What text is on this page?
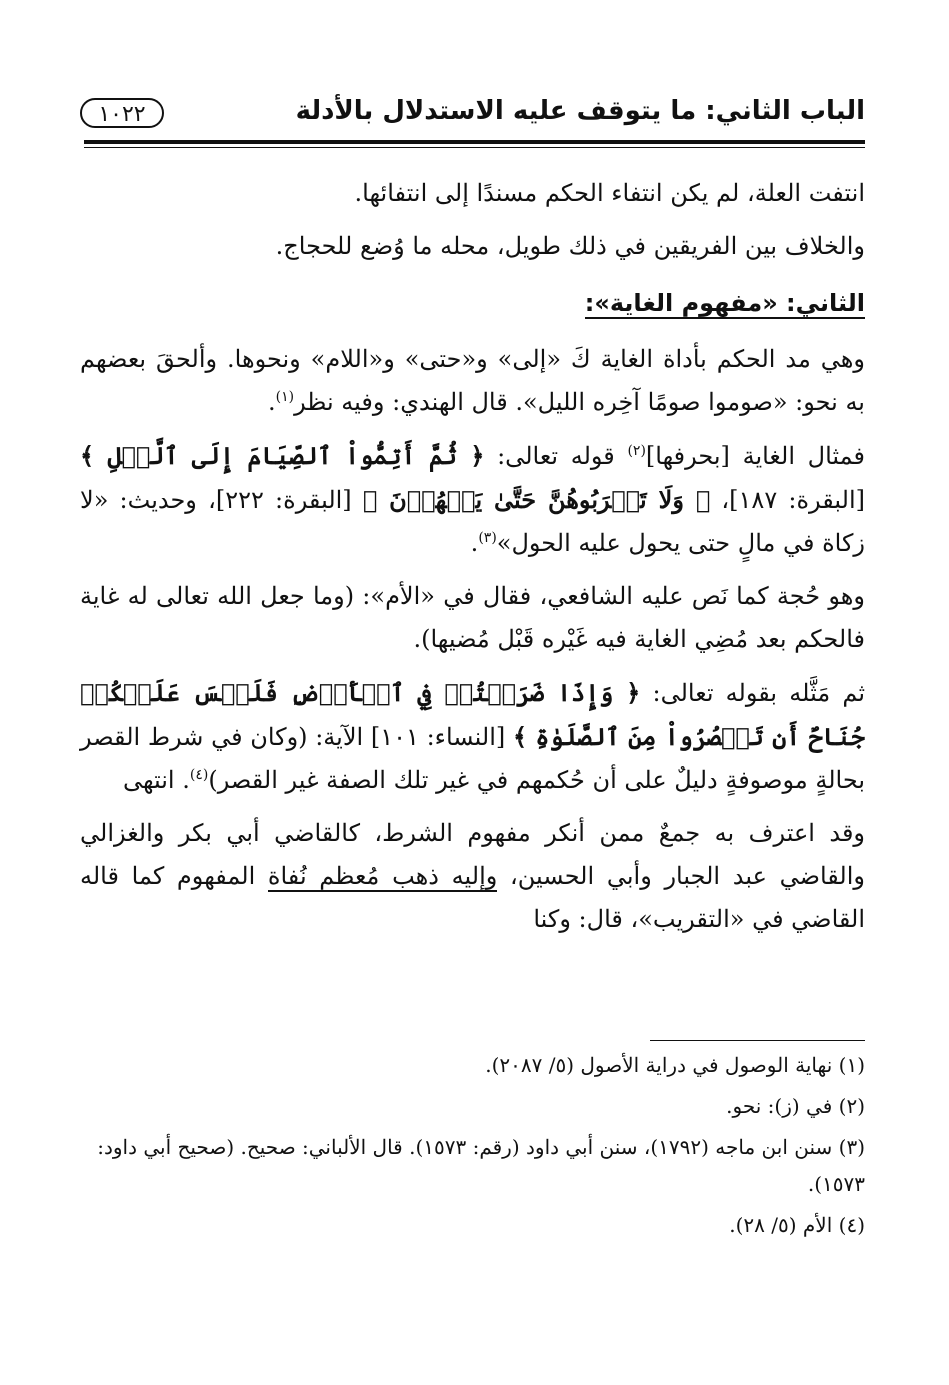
الباب الثاني: ما يتوقف عليه الاستدلال بالأدلة
١٠٢٢

انتفت العلة، لم يكن انتفاء الحكم مسندًا إلى انتفائها.

والخلاف بين الفريقين في ذلك طويل، محله ما وُضع للحجاج.

الثاني: «مفهوم الغاية»:

وهي مد الحكم بأداة الغاية كَ «إلى» و«حتى» و«اللام» ونحوها. وألحقَ بعضهم به نحو: «صوموا صومًا آخِره الليل». قال الهندي: وفيه نظر$^{(١)}$.

فمثال الغاية [بحرفها]$^{(٢)}$ قوله تعالى: ﴿ ثُمَّ أَتِمُّواْ ٱلصِّيَامَ إِلَى ٱلَّيۡلِ ﴾ [البقرة: ١٨٧]، ﴿ وَلَا تَقۡرَبُوهُنَّ حَتَّىٰ يَطۡهُرۡنَ ﴾ [البقرة: ٢٢٢]، وحديث: «لا زكاة في مالٍ حتى يحول عليه الحول»$^{(٣)}$.

وهو حُجة كما نَص عليه الشافعي، فقال في «الأم»: (وما جعل الله تعالى له غاية فالحكم بعد مُضِي الغاية فيه غَيْره قَبْل مُضيها).

ثم مَثَّله بقوله تعالى: ﴿ وَإِذَا ضَرَبۡتُمۡ فِي ٱلۡأَرۡضِ فَلَيۡسَ عَلَيۡكُمۡ جُنَاحٌ أَن تَقۡصُرُواْ مِنَ ٱلصَّلَوٰةِ ﴾ [النساء: ١٠١] الآية: (وكان في شرط القصر بحالةٍ موصوفةٍ دليلٌ على أن حُكمهم في غير تلك الصفة غير القصر)$^{(٤)}$. انتهى

وقد اعترف به جمعٌ ممن أنكر مفهوم الشرط، كالقاضي أبي بكر والغزالي والقاضي عبد الجبار وأبي الحسين، وإليه ذهب مُعظم نُفاة المفهوم كما قاله القاضي في «التقريب»، قال: وكنا

(١) نهاية الوصول في دراية الأصول (٥/ ٢٠٨٧).

(٢) في (ز): نحو.

(٣) سنن ابن ماجه (١٧٩٢)، سنن أبي داود (رقم: ١٥٧٣). قال الألباني: صحيح. (صحيح أبي داود: ١٥٧٣).

(٤) الأم (٥/ ٢٨).
